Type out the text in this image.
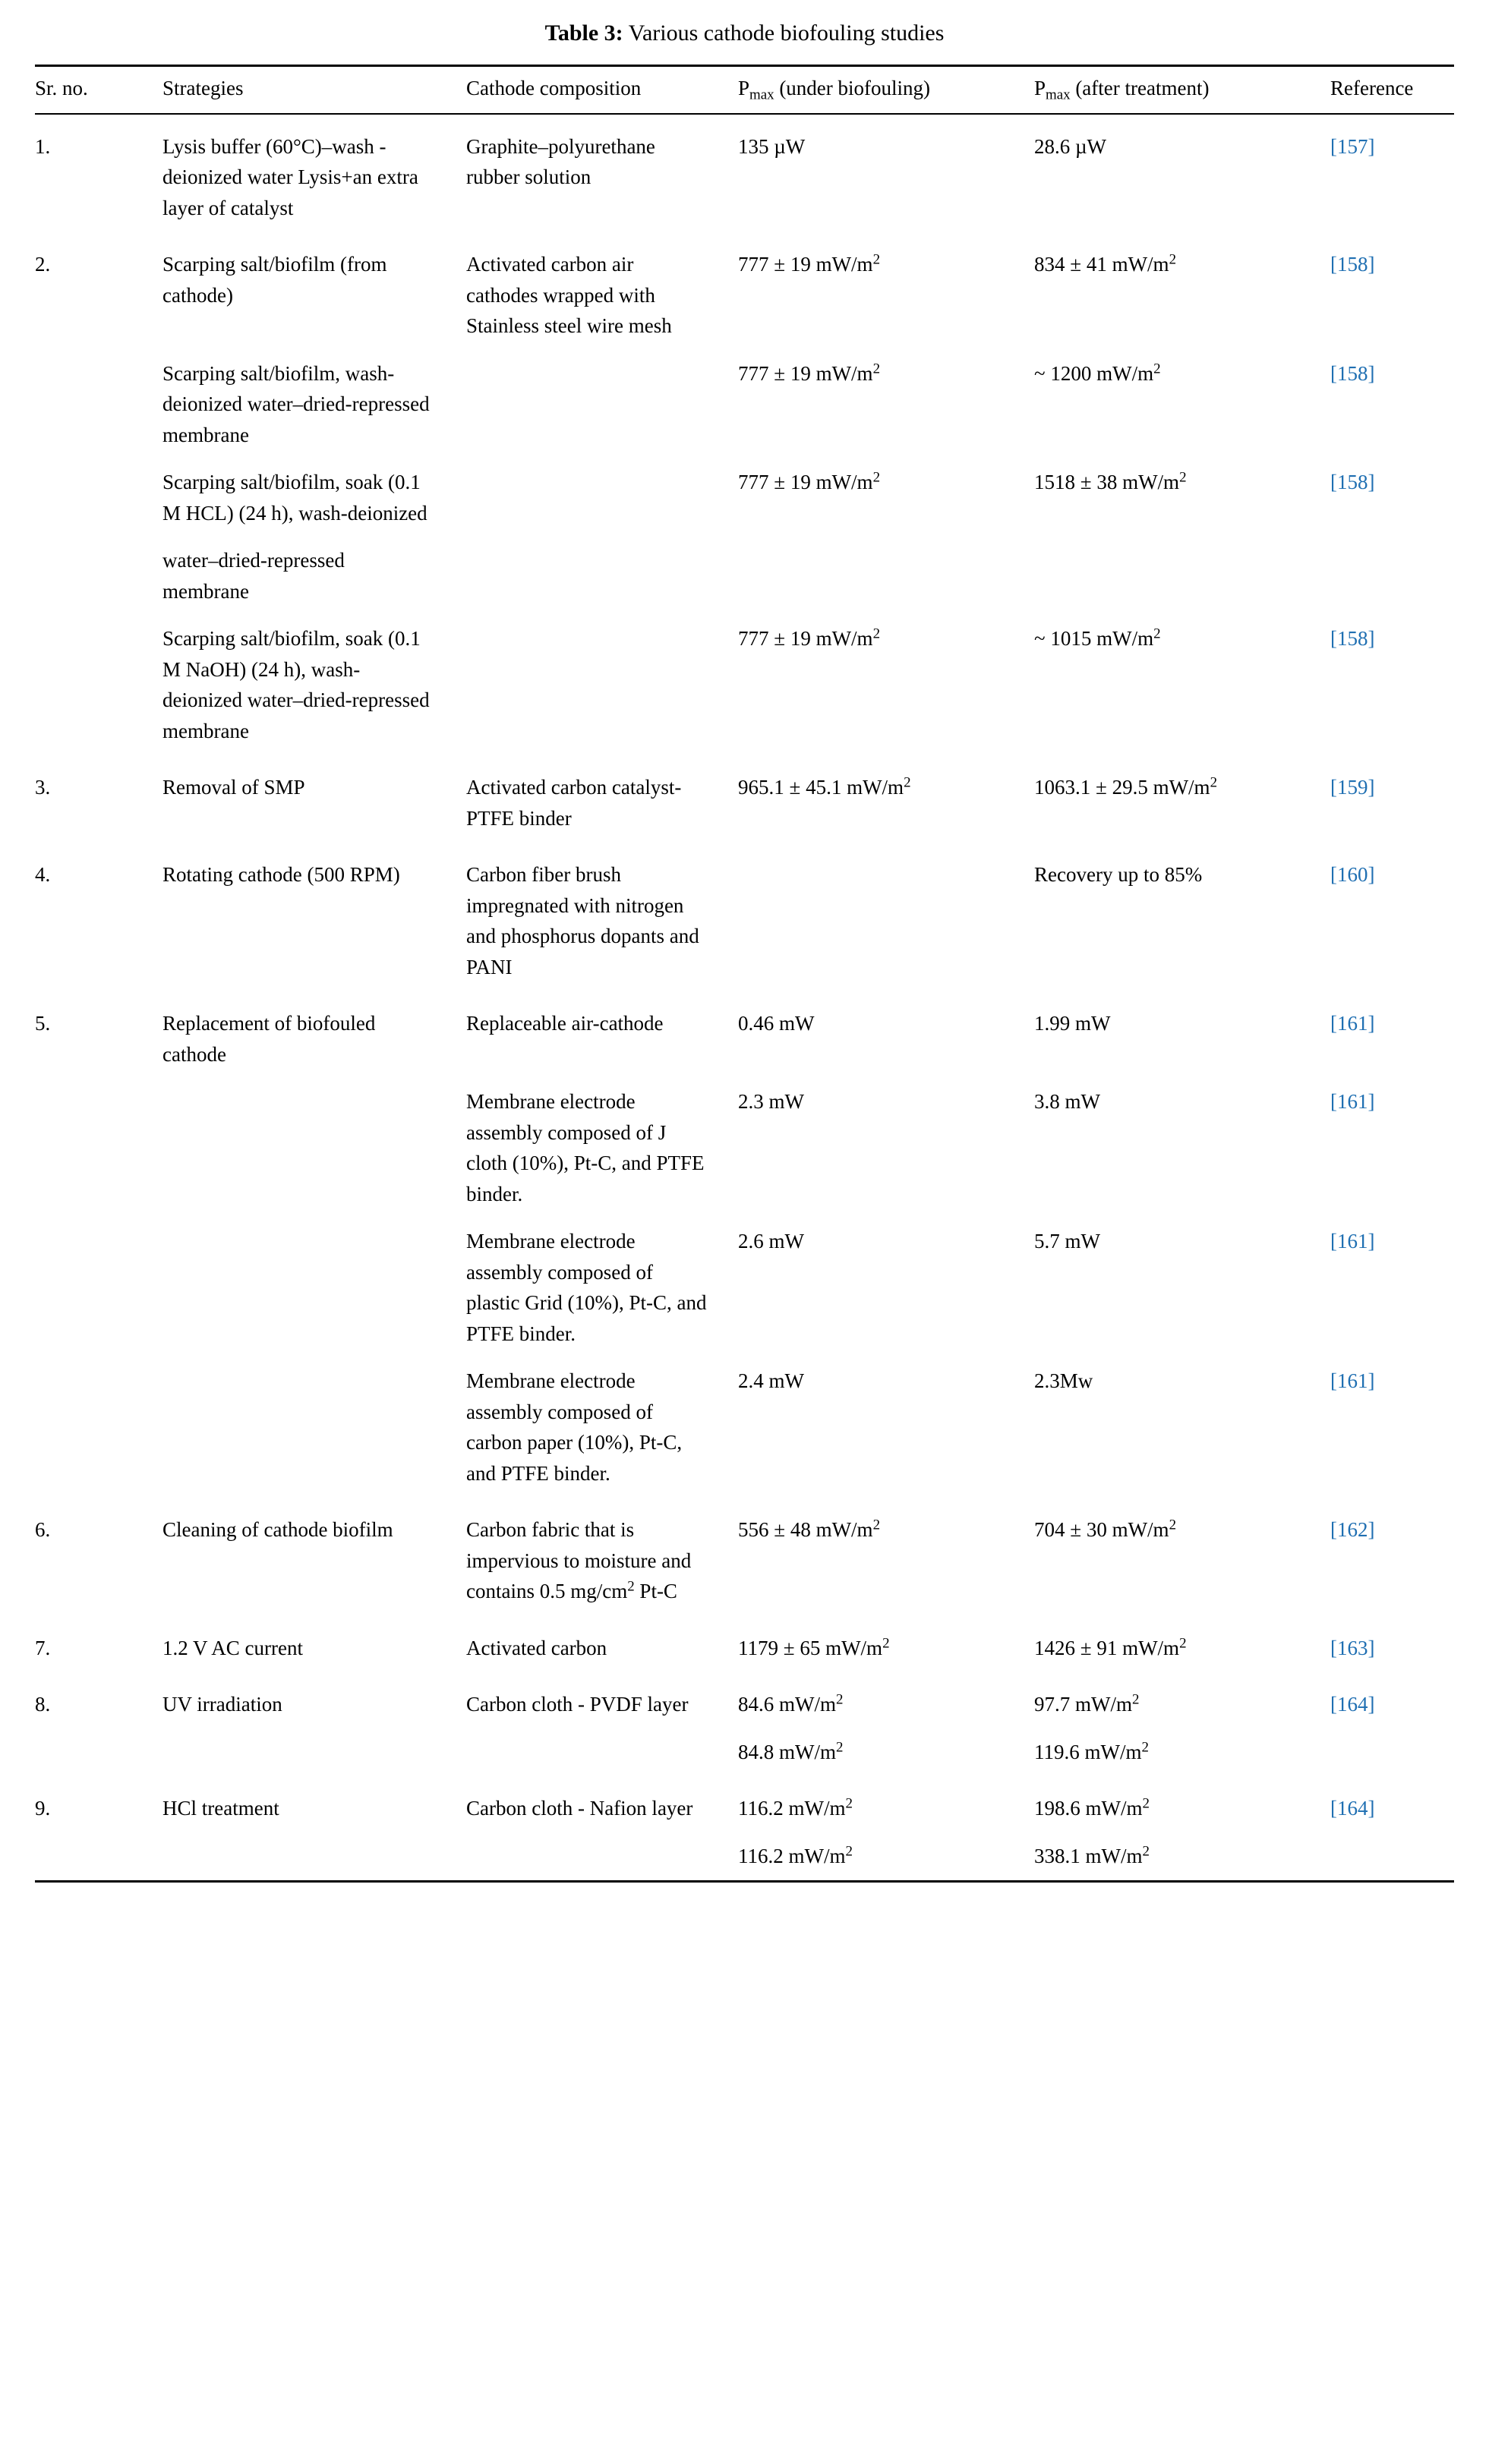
Table 3: Various cathode biofouling studies
Sr. no.	Strategies	Cathode composition	$P_{max}$ (under biofouling)	$P_{max}$ (after treatment)	Reference
1.	Lysis buffer (60°C)–wash -deionized water Lysis+an extra layer of catalyst	Graphite–polyurethane rubber solution	135 µW	28.6 µW	[157]
2.	Scarping salt/biofilm (from cathode)	Activated carbon air cathodes wrapped with Stainless steel wire mesh	777 ± 19 $mW/m^2$	834 ± 41 $mW/m^2$	[158]
	Scarping salt/biofilm, wash- deionized water–dried-repressed membrane		777 ± 19 $mW/m^2$	~ 1200 $mW/m^2$	[158]
	Scarping salt/biofilm, soak (0.1 M HCL) (24 h), wash-deionized		777 ± 19 $mW/m^2$	1518 ± 38 $mW/m^2$	[158]
	water–dried-repressed membrane				
	Scarping salt/biofilm, soak (0.1 M NaOH) (24 h), wash-deionized water–dried-repressed membrane		777 ± 19 $mW/m^2$	~ 1015 $mW/m^2$	[158]
3.	Removal of SMP	Activated carbon catalyst-PTFE binder	965.1 ± 45.1 $mW/m^2$	1063.1 ± 29.5 $mW/m^2$	[159]
4.	Rotating cathode (500 RPM)	Carbon fiber brush impregnated with nitrogen and phosphorus dopants and PANI		Recovery up to 85%	[160]
5.	Replacement of biofouled cathode	Replaceable air-cathode	0.46 mW	1.99 mW	[161]
		Membrane electrode assembly composed of J cloth (10%), Pt-C, and PTFE binder.	2.3 mW	3.8 mW	[161]
		Membrane electrode assembly composed of plastic Grid (10%), Pt-C, and PTFE binder.	2.6 mW	5.7 mW	[161]
		Membrane electrode assembly composed of carbon paper (10%), Pt-C, and PTFE binder.	2.4 mW	2.3Mw	[161]
6.	Cleaning of cathode biofilm	Carbon fabric that is impervious to moisture and contains 0.5 $mg/cm^2$ Pt-C	556 ± 48 $mW/m^2$	704 ± 30 $mW/m^2$	[162]
7.	1.2 V AC current	Activated carbon	1179 ± 65 $mW/m^2$	1426 ± 91 $mW/m^2$	[163]
8.	UV irradiation	Carbon cloth - PVDF layer	84.6 $mW/m^2$	97.7 $mW/m^2$	[164]
			84.8 $mW/m^2$	119.6 $mW/m^2$	
9.	HCl treatment	Carbon cloth - Nafion layer	116.2 $mW/m^2$	198.6 $mW/m^2$	[164]
			116.2 $mW/m^2$	338.1 $mW/m^2$	
